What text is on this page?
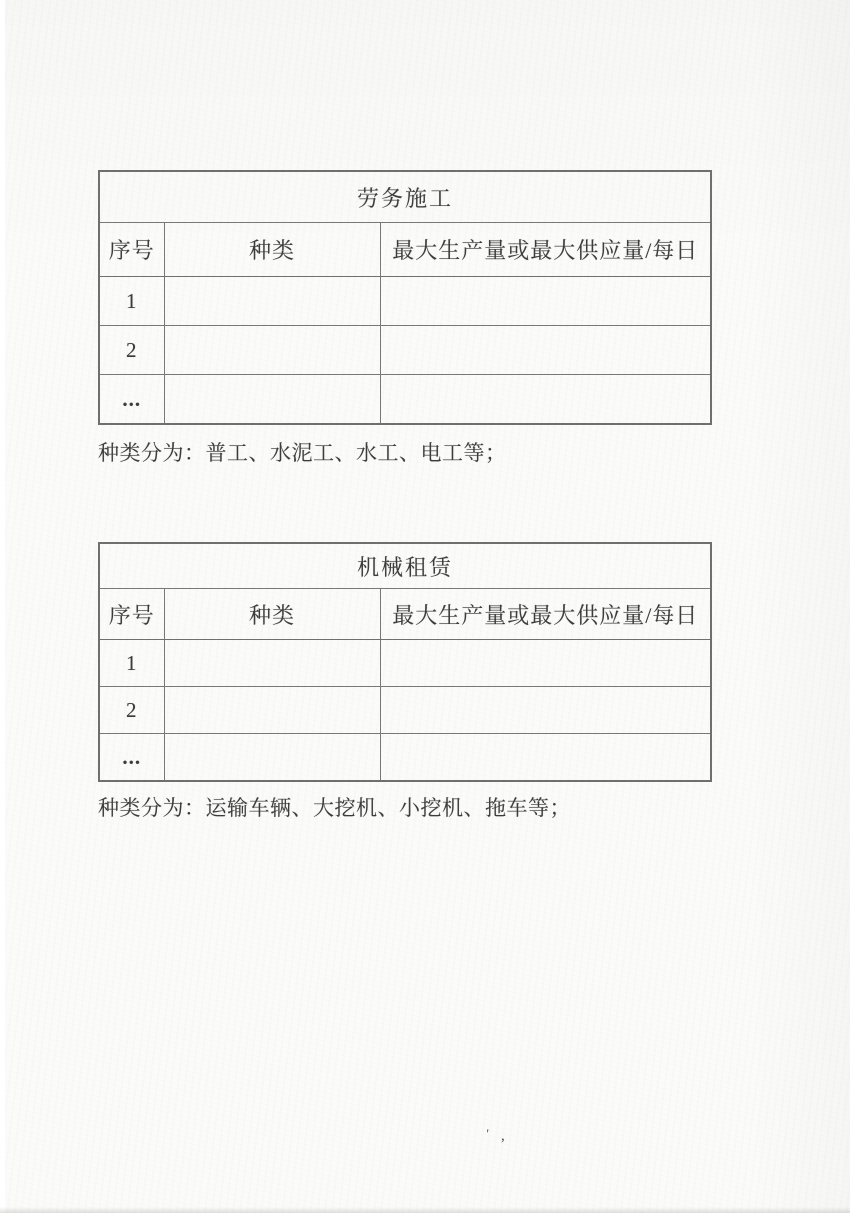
劳务施工		
序号	种类	最大生产量或最大供应量/每日
1		
2		
...		

种类分为：普工、水泥工、水工、电工等；

机械租赁		
序号	种类	最大生产量或最大供应量/每日
1		
2		
...		

种类分为：运输车辆、大挖机、小挖机、拖车等；

' ,
